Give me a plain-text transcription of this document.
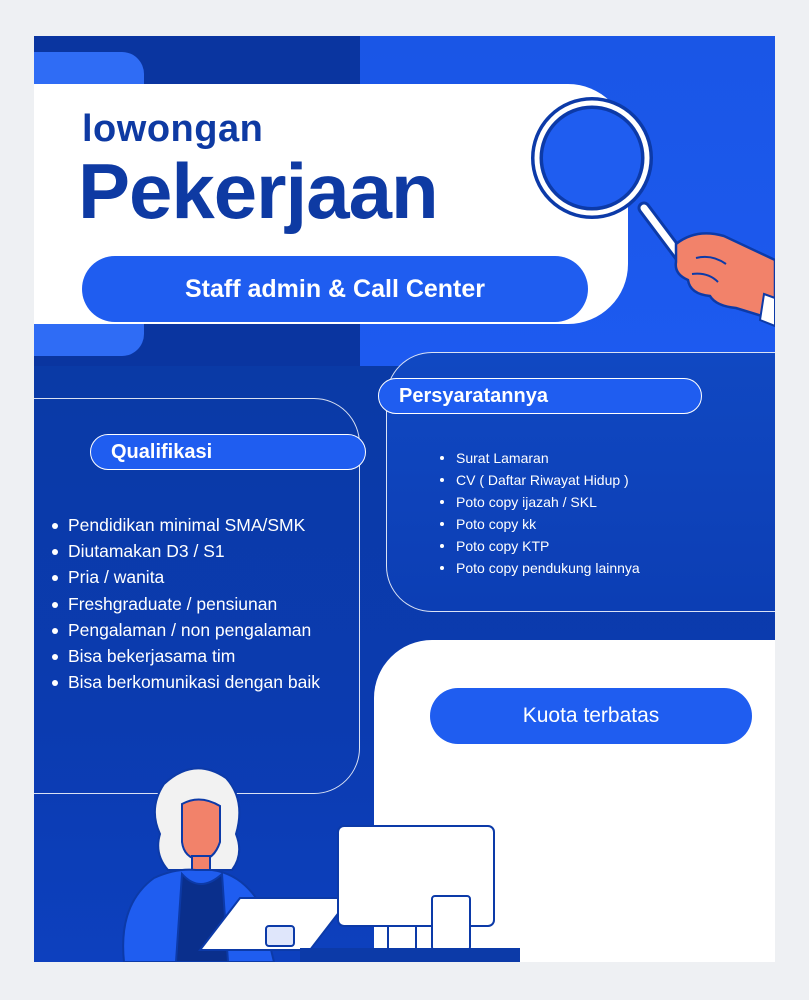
lowongan
Pekerjaan
Staff admin & Call Center
Qualifikasi
Persyaratannya
Pendidikan minimal SMA/SMK
Diutamakan D3 / S1
Pria / wanita
Freshgraduate / pensiunan
Pengalaman / non pengalaman
Bisa bekerjasama tim
Bisa berkomunikasi dengan baik
Surat Lamaran
CV ( Daftar Riwayat Hidup )
Poto copy ijazah / SKL
Poto copy kk
Poto copy KTP
Poto copy pendukung lainnya
Kuota terbatas
